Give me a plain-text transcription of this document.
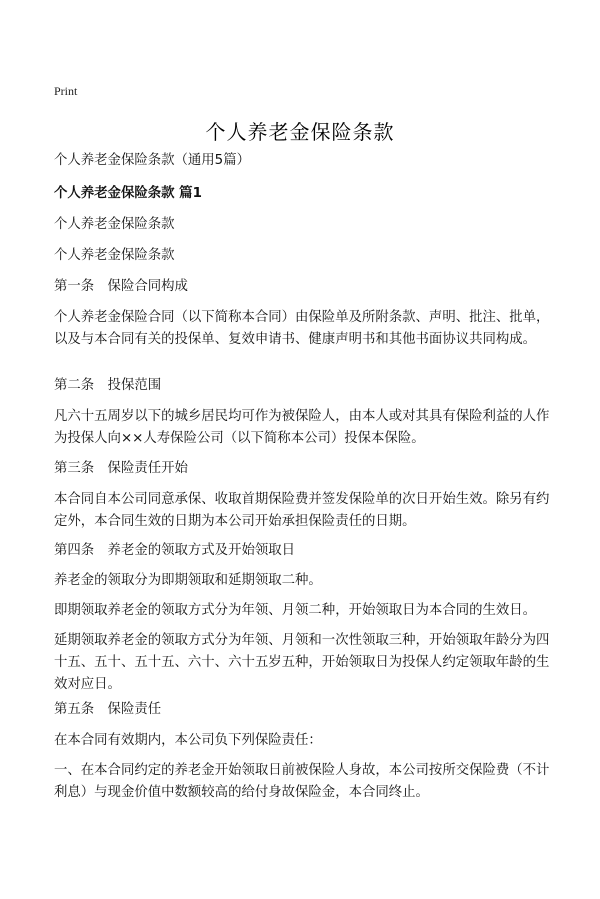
Print
个人养老金保险条款
个人养老金保险条款（通用5篇）
个人养老金保险条款 篇1
个人养老金保险条款
个人养老金保险条款
第一条　保险合同构成
个人养老金保险合同（以下简称本合同）由保险单及所附条款、声明、批注、批单，以及与本合同有关的投保单、复效申请书、健康声明书和其他书面协议共同构成。
第二条　投保范围
凡六十五周岁以下的城乡居民均可作为被保险人，由本人或对其具有保险利益的人作为投保人向××人寿保险公司（以下简称本公司）投保本保险。
第三条　保险责任开始
本合同自本公司同意承保、收取首期保险费并签发保险单的次日开始生效。除另有约定外，本合同生效的日期为本公司开始承担保险责任的日期。
第四条　养老金的领取方式及开始领取日
养老金的领取分为即期领取和延期领取二种。
即期领取养老金的领取方式分为年领、月领二种，开始领取日为本合同的生效日。
延期领取养老金的领取方式分为年领、月领和一次性领取三种，开始领取年龄分为四十五、五十、五十五、六十、六十五岁五种，开始领取日为投保人约定领取年龄的生效对应日。
第五条　保险责任
在本合同有效期内，本公司负下列保险责任：
一、在本合同约定的养老金开始领取日前被保险人身故，本公司按所交保险费（不计利息）与现金价值中数额较高的给付身故保险金，本合同终止。
